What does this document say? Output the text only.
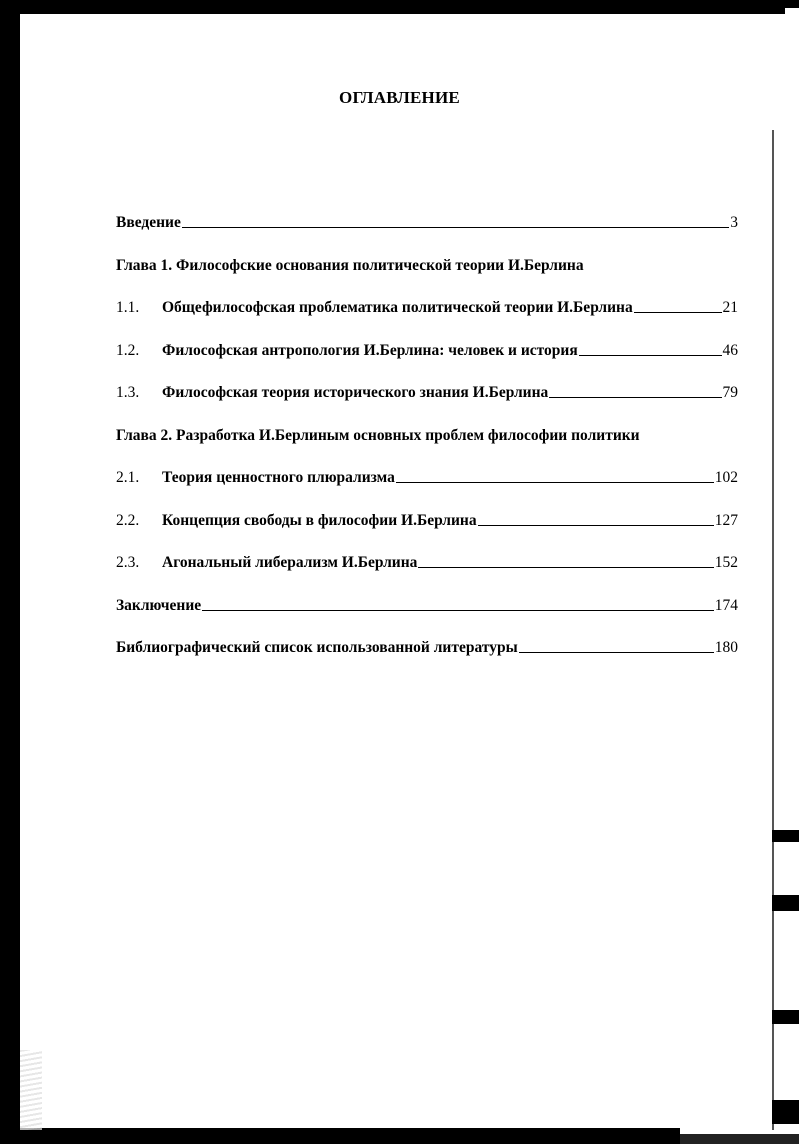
ОГЛАВЛЕНИЕ
Введение	3
Глава 1. Философские основания политической теории И.Берлина
1.1.	Общефилософская проблематика политической теории И.Берлина	21
1.2.	Философская антропология И.Берлина: человек и история	46
1.3.	Философская теория исторического знания И.Берлина	79
Глава 2. Разработка И.Берлиным основных проблем философии политики
2.1.	Теория ценностного плюрализма	102
2.2.	Концепция свободы в философии И.Берлина	127
2.3.	Агональный либерализм И.Берлина	152
Заключение	174
Библиографический список использованной литературы	180
